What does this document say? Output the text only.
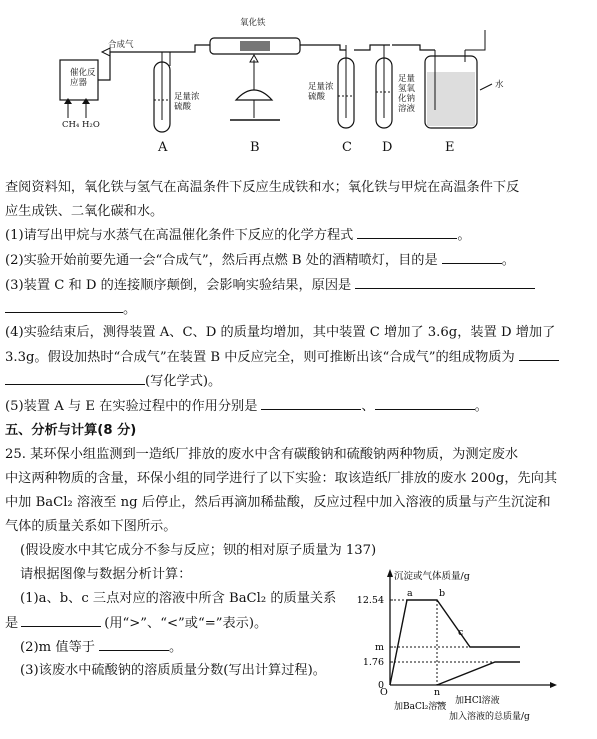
催化反应器
CH₄ H₂O
合成气
氧化铁
足量浓硫酸
足量浓硫酸
足量氢氧化钠溶液
水
A	B	C D	E
查阅资料知，氧化铁与氢气在高温条件下反应生成铁和水；氧化铁与甲烷在高温条件下反
应生成铁、二氧化碳和水。
(1)请写出甲烷与水蒸气在高温催化条件下反应的化学方程式	。
(2)实验开始前要先通一会“合成气”，然后再点燃 B 处的酒精喷灯，目的是	。
(3)装置 C 和 D 的连接顺序颠倒，会影响实验结果，原因是
。
(4)实验结束后，测得装置 A、C、D 的质量均增加，其中装置 C 增加了 3.6g，装置 D 增加了
3.3g。假设加热时“合成气”在装置 B 中反应完全，则可推断出该“合成气”的组成物质为
(写化学式)。
(5)装置 A 与 E 在实验过程中的作用分别是	、	。
五、分析与计算(8 分)
25. 某环保小组监测到一造纸厂排放的废水中含有碳酸钠和硫酸钠两种物质，为测定废水
中这两种物质的含量，环保小组的同学进行了以下实验：取该造纸厂排放的废水 200g，先向其
中加 BaCl₂ 溶液至 ng 后停止，然后再滴加稀盐酸，反应过程中加入溶液的质量与产生沉淀和
气体的质量关系如下图所示。
(假设废水中其它成分不参与反应；钡的相对原子质量为 137)
请根据图像与数据分析计算：
(1)a、b、c 三点对应的溶液中所含 BaCl₂ 的质量关系
是	(用“>”、“<”或“=”表示)。
(2)m 值等于	。
(3)该废水中硫酸钠的溶质质量分数(写出计算过程)。
沉淀或气体质量/g
12.54
m
1.76
0
a	b
c
O	n
加BaCl₂溶液
加HCl溶液
加入溶液的总质量/g
